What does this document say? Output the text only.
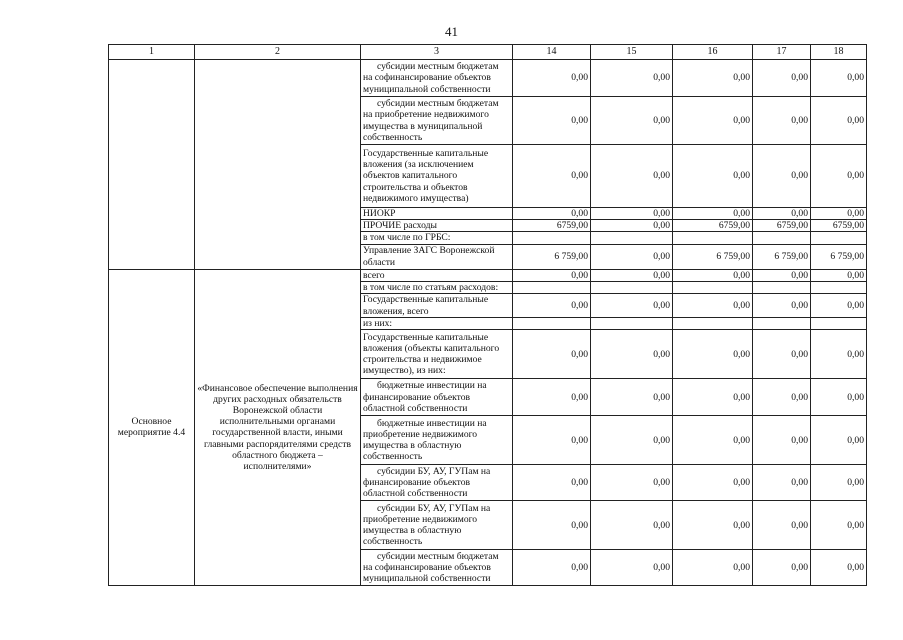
41
1	2	3	14	15	16	17	18
		субсидии местным бюджетам на софинансирование объектов муниципальной собственности	0,00	0,00	0,00	0,00	0,00
		субсидии местным бюджетам на приобретение недвижимого имущества в муниципальной собственность	0,00	0,00	0,00	0,00	0,00
		Государственные капитальные вложения (за исключением объектов капитального строительства и объектов недвижимого имущества)	0,00	0,00	0,00	0,00	0,00
		НИОКР	0,00	0,00	0,00	0,00	0,00
		ПРОЧИЕ расходы	6759,00	0,00	6759,00	6759,00	6759,00
		в том числе по ГРБС:					
		Управление ЗАГС Воронежской области	6 759,00	0,00	6 759,00	6 759,00	6 759,00
Основное мероприятие 4.4	«Финансовое обеспечение выполнения других расходных обязательств Воронежской области исполнительными органами государственной власти, иными главными распорядителями средств областного бюджета – исполнителями»	всего	0,00	0,00	0,00	0,00	0,00
		в том числе по статьям расходов:					
		Государственные капитальные вложения, всего	0,00	0,00	0,00	0,00	0,00
		из них:					
		Государственные капитальные вложения (объекты капитального строительства и недвижимое имущество), из них:	0,00	0,00	0,00	0,00	0,00
		бюджетные инвестиции на финансирование объектов областной собственности	0,00	0,00	0,00	0,00	0,00
		бюджетные инвестиции на приобретение недвижимого имущества в областную собственность	0,00	0,00	0,00	0,00	0,00
		субсидии БУ, АУ, ГУПам на финансирование объектов областной собственности	0,00	0,00	0,00	0,00	0,00
		субсидии БУ, АУ, ГУПам на приобретение недвижимого имущества в областную собственность	0,00	0,00	0,00	0,00	0,00
		субсидии местным бюджетам на софинансирование объектов муниципальной собственности	0,00	0,00	0,00	0,00	0,00
